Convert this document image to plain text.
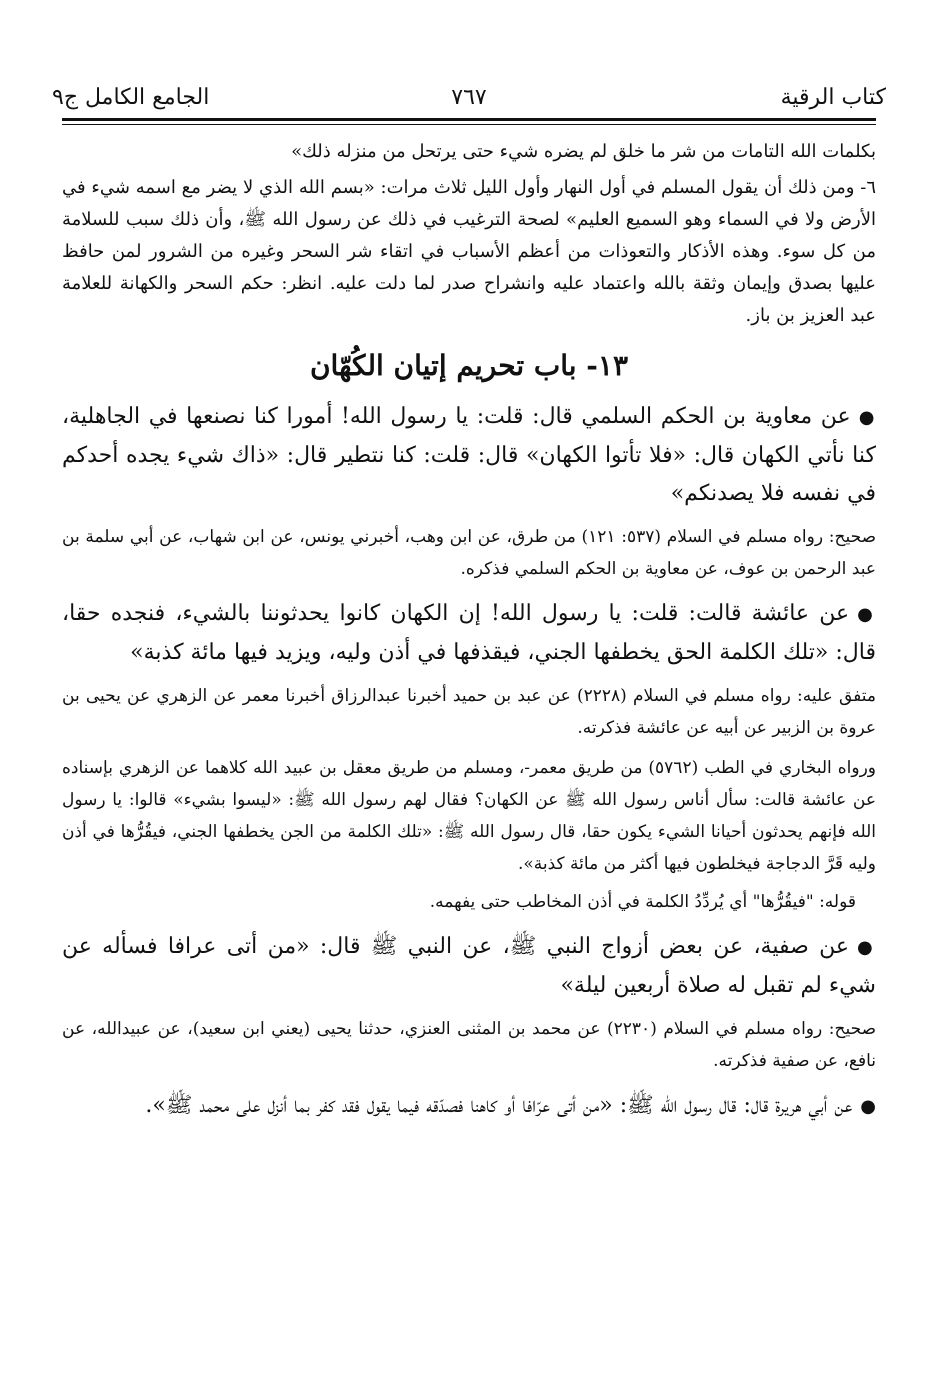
كتاب الرقية
٧٦٧
الجامع الكامل ج٩

بكلمات الله التامات من شر ما خلق لم يضره شيء حتى يرتحل من منزله ذلك»

٦- ومن ذلك أن يقول المسلم في أول النهار وأول الليل ثلاث مرات: «بسم الله الذي لا يضر مع اسمه شيء في الأرض ولا في السماء وهو السميع العليم» لصحة الترغيب في ذلك عن رسول الله ﷺ، وأن ذلك سبب للسلامة من كل سوء. وهذه الأذكار والتعوذات من أعظم الأسباب في اتقاء شر السحر وغيره من الشرور لمن حافظ عليها بصدق وإيمان وثقة بالله واعتماد عليه وانشراح صدر لما دلت عليه. انظر: حكم السحر والكهانة للعلامة عبد العزيز بن باز.

١٣- باب تحريم إتيان الكُهّان

●عن معاوية بن الحكم السلمي قال: قلت: يا رسول الله! أمورا كنا نصنعها في الجاهلية، كنا نأتي الكهان قال: «فلا تأتوا الكهان» قال: قلت: كنا نتطير قال: «ذاك شيء يجده أحدكم في نفسه فلا يصدنكم»

صحيح: رواه مسلم في السلام (٥٣٧: ١٢١) من طرق، عن ابن وهب، أخبرني يونس، عن ابن شهاب، عن أبي سلمة بن عبد الرحمن بن عوف، عن معاوية بن الحكم السلمي فذكره.

●عن عائشة قالت: قلت: يا رسول الله! إن الكهان كانوا يحدثوننا بالشيء، فنجده حقا، قال: «تلك الكلمة الحق يخطفها الجني، فيقذفها في أذن وليه، ويزيد فيها مائة كذبة»

متفق عليه: رواه مسلم في السلام (٢٢٢٨) عن عبد بن حميد أخبرنا عبدالرزاق أخبرنا معمر عن الزهري عن يحيى بن عروة بن الزبير عن أبيه عن عائشة فذكرته.

ورواه البخاري في الطب (٥٧٦٢) من طريق معمر-، ومسلم من طريق معقل بن عبيد الله كلاهما عن الزهري بإسناده عن عائشة قالت: سأل أناس رسول الله ﷺ عن الكهان؟ فقال لهم رسول الله ﷺ: «ليسوا بشيء» قالوا: يا رسول الله فإنهم يحدثون أحيانا الشيء يكون حقا، قال رسول الله ﷺ: «تلك الكلمة من الجن يخطفها الجني، فيقُرُّها في أذن وليه قَرَّ الدجاجة فيخلطون فيها أكثر من مائة كذبة».

قوله: "فيقُرُّها" أي يُردِّدُ الكلمة في أذن المخاطب حتى يفهمه.

●عن صفية، عن بعض أزواج النبي ﷺ، عن النبي ﷺ قال: «من أتى عرافا فسأله عن شيء لم تقبل له صلاة أربعين ليلة»

صحيح: رواه مسلم في السلام (٢٢٣٠) عن محمد بن المثنى العنزي، حدثنا يحيى (يعني ابن سعيد)، عن عبيدالله، عن نافع، عن صفية فذكرته.

●عن أبي هريرة قال: قال رسول الله ﷺ: «من أتى عرّافا أو كاهنا فصدّقه فيما يقول فقد كفر بما أنزل على محمد ﷺ».
